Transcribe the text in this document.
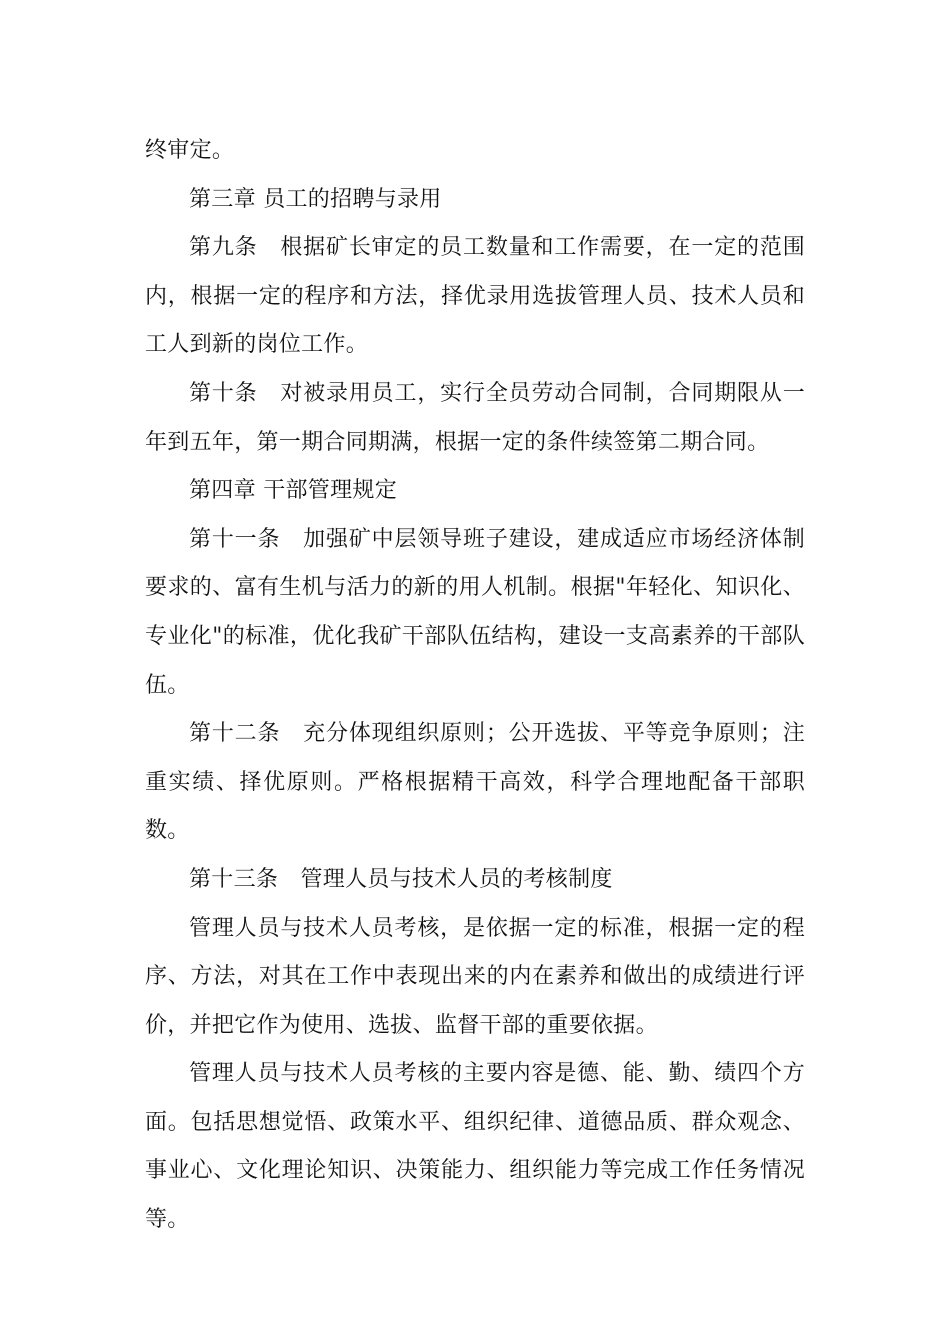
终审定。

第三章 员工的招聘与录用

第九条　根据矿长审定的员工数量和工作需要，在一定的范围内，根据一定的程序和方法，择优录用选拔管理人员、技术人员和工人到新的岗位工作。

第十条　对被录用员工，实行全员劳动合同制，合同期限从一年到五年，第一期合同期满，根据一定的条件续签第二期合同。

第四章 干部管理规定

第十一条　加强矿中层领导班子建设，建成适应市场经济体制要求的、富有生机与活力的新的用人机制。根据"年轻化、知识化、专业化"的标准，优化我矿干部队伍结构，建设一支高素养的干部队伍。

第十二条　充分体现组织原则；公开选拔、平等竞争原则；注重实绩、择优原则。严格根据精干高效，科学合理地配备干部职数。

第十三条　管理人员与技术人员的考核制度

管理人员与技术人员考核，是依据一定的标准，根据一定的程序、方法，对其在工作中表现出来的内在素养和做出的成绩进行评价，并把它作为使用、选拔、监督干部的重要依据。

管理人员与技术人员考核的主要内容是德、能、勤、绩四个方面。包括思想觉悟、政策水平、组织纪律、道德品质、群众观念、事业心、文化理论知识、决策能力、组织能力等完成工作任务情况等。
